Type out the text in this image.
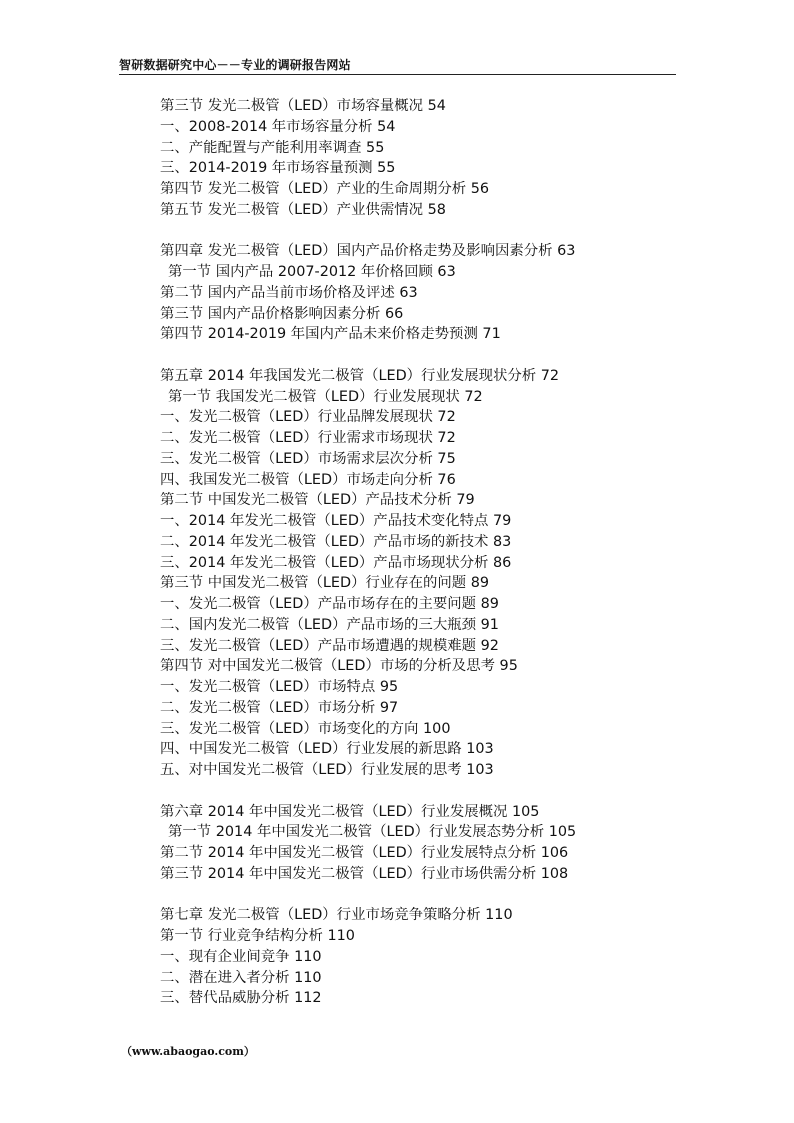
智研数据研究中心－－专业的调研报告网站
第三节 发光二极管（LED）市场容量概况 54
一、2008-2014 年市场容量分析 54
二、产能配置与产能利用率调查 55
三、2014-2019 年市场容量预测 55
第四节 发光二极管（LED）产业的生命周期分析 56
第五节 发光二极管（LED）产业供需情况 58
第四章 发光二极管（LED）国内产品价格走势及影响因素分析 63
第一节 国内产品 2007-2012 年价格回顾 63
第二节 国内产品当前市场价格及评述 63
第三节 国内产品价格影响因素分析 66
第四节 2014-2019 年国内产品未来价格走势预测 71
第五章 2014 年我国发光二极管（LED）行业发展现状分析 72
第一节 我国发光二极管（LED）行业发展现状 72
一、发光二极管（LED）行业品牌发展现状 72
二、发光二极管（LED）行业需求市场现状 72
三、发光二极管（LED）市场需求层次分析 75
四、我国发光二极管（LED）市场走向分析 76
第二节 中国发光二极管（LED）产品技术分析 79
一、2014 年发光二极管（LED）产品技术变化特点 79
二、2014 年发光二极管（LED）产品市场的新技术 83
三、2014 年发光二极管（LED）产品市场现状分析 86
第三节 中国发光二极管（LED）行业存在的问题 89
一、发光二极管（LED）产品市场存在的主要问题 89
二、国内发光二极管（LED）产品市场的三大瓶颈 91
三、发光二极管（LED）产品市场遭遇的规模难题 92
第四节 对中国发光二极管（LED）市场的分析及思考 95
一、发光二极管（LED）市场特点 95
二、发光二极管（LED）市场分析 97
三、发光二极管（LED）市场变化的方向 100
四、中国发光二极管（LED）行业发展的新思路 103
五、对中国发光二极管（LED）行业发展的思考 103
第六章 2014 年中国发光二极管（LED）行业发展概况 105
第一节 2014 年中国发光二极管（LED）行业发展态势分析 105
第二节 2014 年中国发光二极管（LED）行业发展特点分析 106
第三节 2014 年中国发光二极管（LED）行业市场供需分析 108
第七章 发光二极管（LED）行业市场竞争策略分析 110
第一节 行业竞争结构分析 110
一、现有企业间竞争 110
二、潜在进入者分析 110
三、替代品威胁分析 112
（www.abaogao.com）
